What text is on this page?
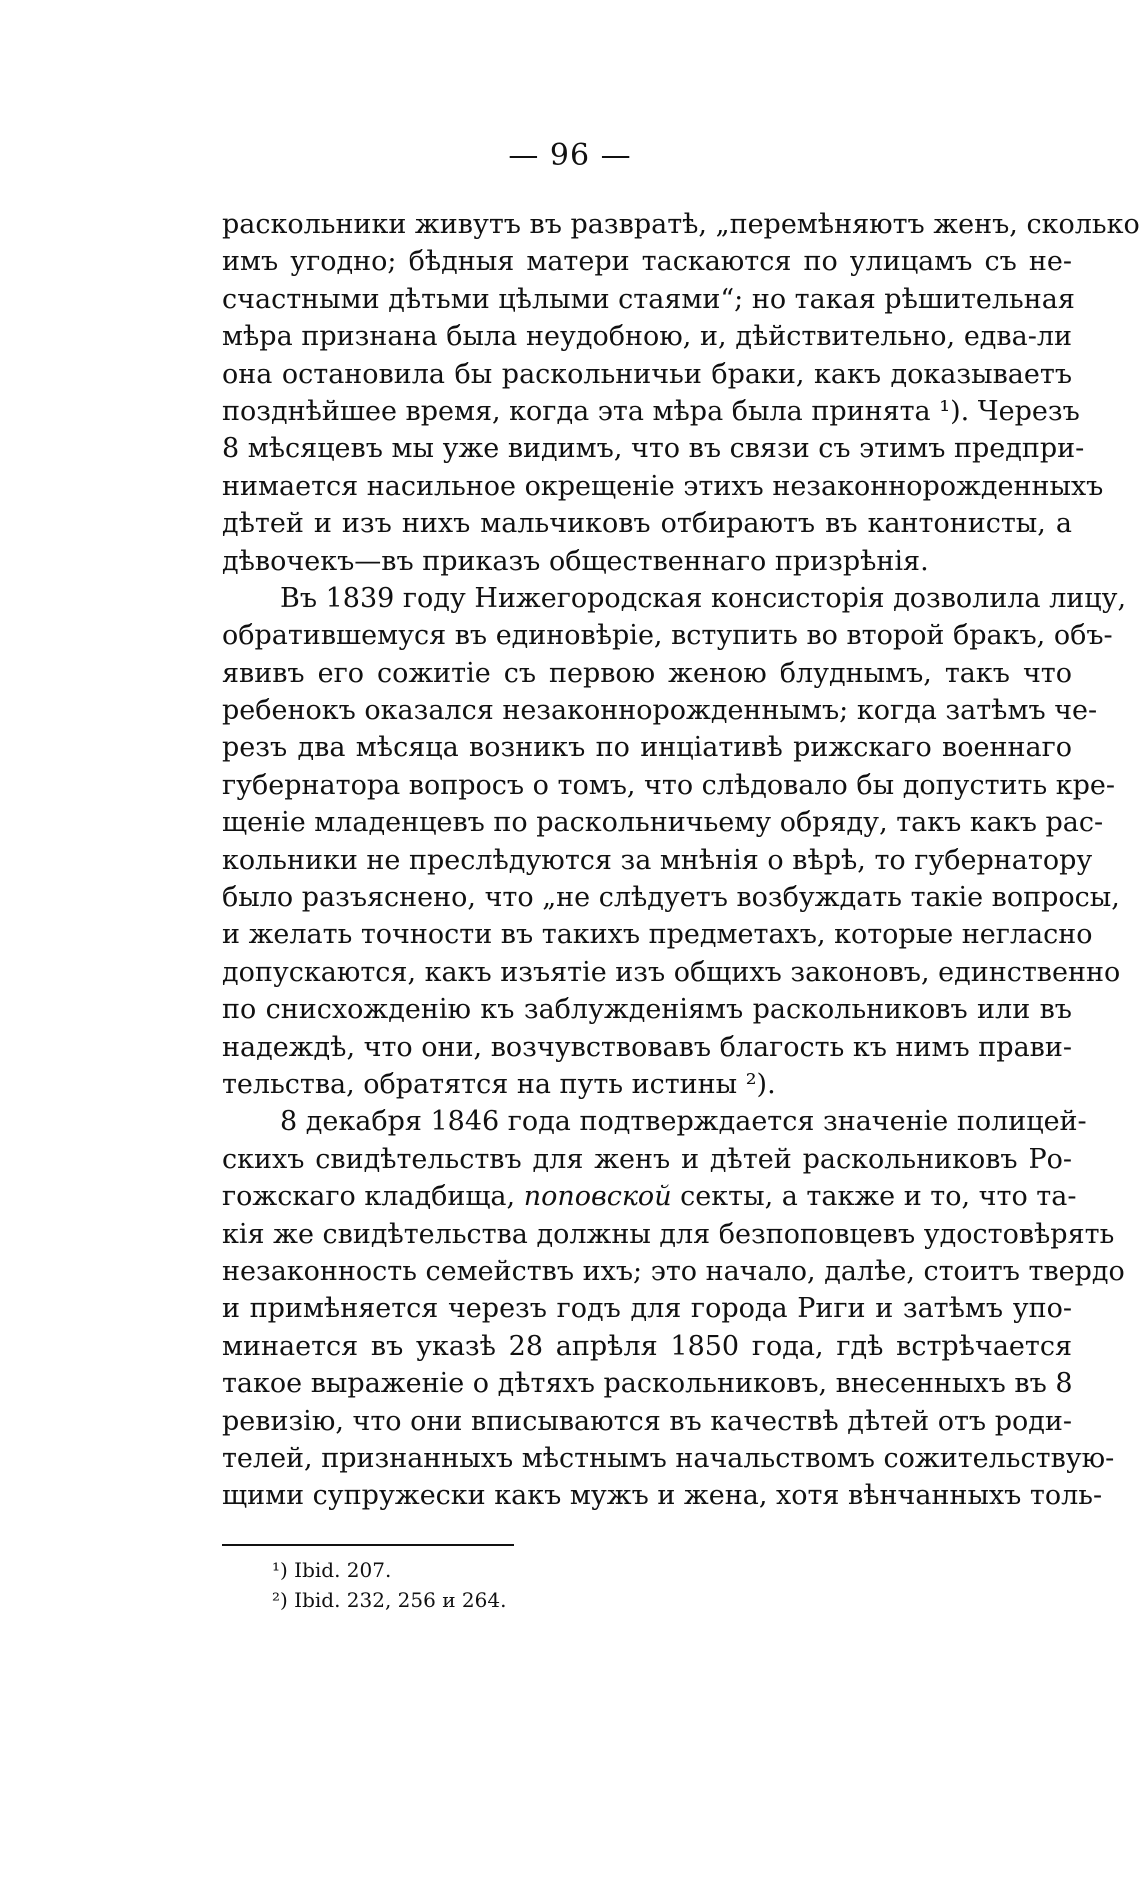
— 96 —
раскольники живутъ въ развратѣ, „перемѣняютъ женъ, сколько
имъ угодно; бѣдныя матери таскаются по улицамъ съ не-
счастными дѣтьми цѣлыми стаями“; но такая рѣшительная
мѣра признана была неудобною, и, дѣйствительно, едва-ли
она остановила бы раскольничьи браки, какъ доказываетъ
позднѣйшее время, когда эта мѣра была принята ¹). Черезъ
8 мѣсяцевъ мы уже видимъ, что въ связи съ этимъ предпри-
нимается насильное окрещеніе этихъ незаконнорожденныхъ
дѣтей и изъ нихъ мальчиковъ отбираютъ въ кантонисты, а
дѣвочекъ—въ приказъ общественнаго призрѣнія.
Въ 1839 году Нижегородская консисторія дозволила лицу,
обратившемуся въ единовѣріе, вступить во второй бракъ, объ-
явивъ его сожитіе съ первою женою блуднымъ, такъ что
ребенокъ оказался незаконнорожденнымъ; когда затѣмъ че-
резъ два мѣсяца возникъ по инціативѣ рижскаго военнаго
губернатора вопросъ о томъ, что слѣдовало бы допустить кре-
щеніе младенцевъ по раскольничьему обряду, такъ какъ рас-
кольники не преслѣдуются за мнѣнія о вѣрѣ, то губернатору
было разъяснено, что „не слѣдуетъ возбуждать такіе вопросы,
и желать точности въ такихъ предметахъ, которые негласно
допускаются, какъ изъятіе изъ общихъ законовъ, единственно
по снисхожденію къ заблужденіямъ раскольниковъ или въ
надеждѣ, что они, возчувствовавъ благость къ нимъ прави-
тельства, обратятся на путь истины ²).
8 декабря 1846 года подтверждается значеніе полицей-
скихъ свидѣтельствъ для женъ и дѣтей раскольниковъ Ро-
гожскаго кладбища, поповской секты, а также и то, что та-
кія же свидѣтельства должны для безпоповцевъ удостовѣрять
незаконность семействъ ихъ; это начало, далѣе, стоитъ твердо
и примѣняется черезъ годъ для города Риги и затѣмъ упо-
минается въ указѣ 28 апрѣля 1850 года, гдѣ встрѣчается
такое выраженіе о дѣтяхъ раскольниковъ, внесенныхъ въ 8
ревизію, что они вписываются въ качествѣ дѣтей отъ роди-
телей, признанныхъ мѣстнымъ начальствомъ сожительствую-
щими супружески какъ мужъ и жена, хотя вѣнчанныхъ толь-
¹) Ibid. 207.
²) Ibid. 232, 256 и 264.
